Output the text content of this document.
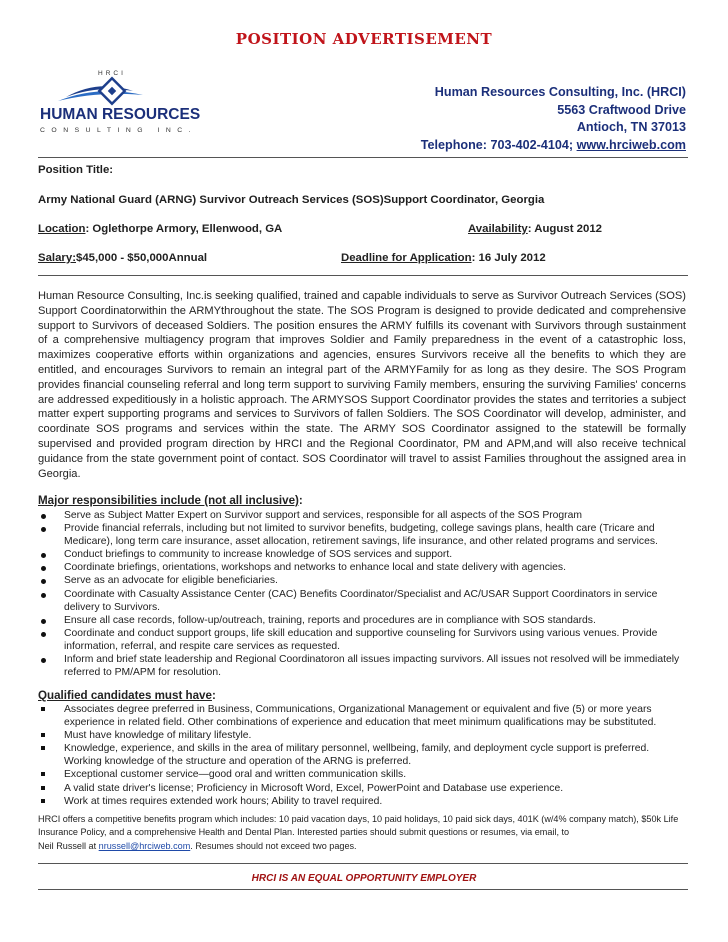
POSITION ADVERTISEMENT
HRCI
HUMAN RESOURCES
CONSULTING INC.
Human Resources Consulting, Inc. (HRCI)
5563 Craftwood Drive
Antioch, TN 37013
Telephone: 703-402-4104; www.hrciweb.com
Position Title:
Army National Guard (ARNG) Survivor Outreach Services (SOS)Support Coordinator, Georgia
Location: Oglethorpe Armory, Ellenwood, GA	Availability: August 2012
Salary:$45,000 - $50,000Annual	Deadline for Application: 16 July 2012
Human Resource Consulting, Inc.is seeking qualified, trained and capable individuals to serve as Survivor Outreach Services (SOS) Support Coordinatorwithin the ARMYthroughout the state. The SOS Program is designed to provide dedicated and comprehensive support to Survivors of deceased Soldiers. The position ensures the ARMY fulfills its covenant with Survivors through sustainment of a comprehensive multiagency program that improves Soldier and Family preparedness in the event of a catastrophic loss, maximizes cooperative efforts within organizations and agencies, ensures Survivors receive all the benefits to which they are entitled, and encourages Survivors to remain an integral part of the ARMYFamily for as long as they desire. The SOS Program provides financial counseling referral and long term support to surviving Family members, ensuring the surviving Families' concerns are addressed expeditiously in a holistic approach. The ARMYSOS Support Coordinator provides the states and territories a subject matter expert supporting programs and services to Survivors of fallen Soldiers. The SOS Coordinator will develop, administer, and coordinate SOS programs and services within the state. The ARMY SOS Coordinator assigned to the statewill be formally supervised and provided program direction by HRCI and the Regional Coordinator, PM and APM,and will also receive technical guidance from the state government point of contact. SOS Coordinator will travel to assist Families throughout the assigned area in Georgia.
Major responsibilities include (not all inclusive):
Serve as Subject Matter Expert on Survivor support and services, responsible for all aspects of the SOS Program
Provide financial referrals, including but not limited to survivor benefits, budgeting, college savings plans, health care (Tricare and Medicare), long term care insurance, asset allocation, retirement savings, life insurance, and other related programs and services.
Conduct briefings to community to increase knowledge of SOS services and support.
Coordinate briefings, orientations, workshops and networks to enhance local and state delivery with agencies.
Serve as an advocate for eligible beneficiaries.
Coordinate with Casualty Assistance Center (CAC) Benefits Coordinator/Specialist and AC/USAR Support Coordinators in service delivery to Survivors.
Ensure all case records, follow-up/outreach, training, reports and procedures are in compliance with SOS standards.
Coordinate and conduct support groups, life skill education and supportive counseling for Survivors using various venues. Provide information, referral, and respite care services as requested.
Inform and brief state leadership and Regional Coordinatoron all issues impacting survivors. All issues not resolved will be immediately referred to PM/APM for resolution.
Qualified candidates must have:
Associates degree preferred in Business, Communications, Organizational Management or equivalent and five (5) or more years experience in related field. Other combinations of experience and education that meet minimum qualifications may be substituted.
Must have knowledge of military lifestyle.
Knowledge, experience, and skills in the area of military personnel, wellbeing, family, and deployment cycle support is preferred. Working knowledge of the structure and operation of the ARNG is preferred.
Exceptional customer service—good oral and written communication skills.
A valid state driver's license; Proficiency in Microsoft Word, Excel, PowerPoint and Database use experience.
Work at times requires extended work hours; Ability to travel required.
HRCI offers a competitive benefits program which includes: 10 paid vacation days, 10 paid holidays, 10 paid sick days, 401K (w/4% company match), $50k Life Insurance Policy, and a comprehensive Health and Dental Plan. Interested parties should submit questions or resumes, via email, to
Neil Russell at nrussell@hrciweb.com. Resumes should not exceed two pages.
HRCI IS AN EQUAL OPPORTUNITY EMPLOYER
